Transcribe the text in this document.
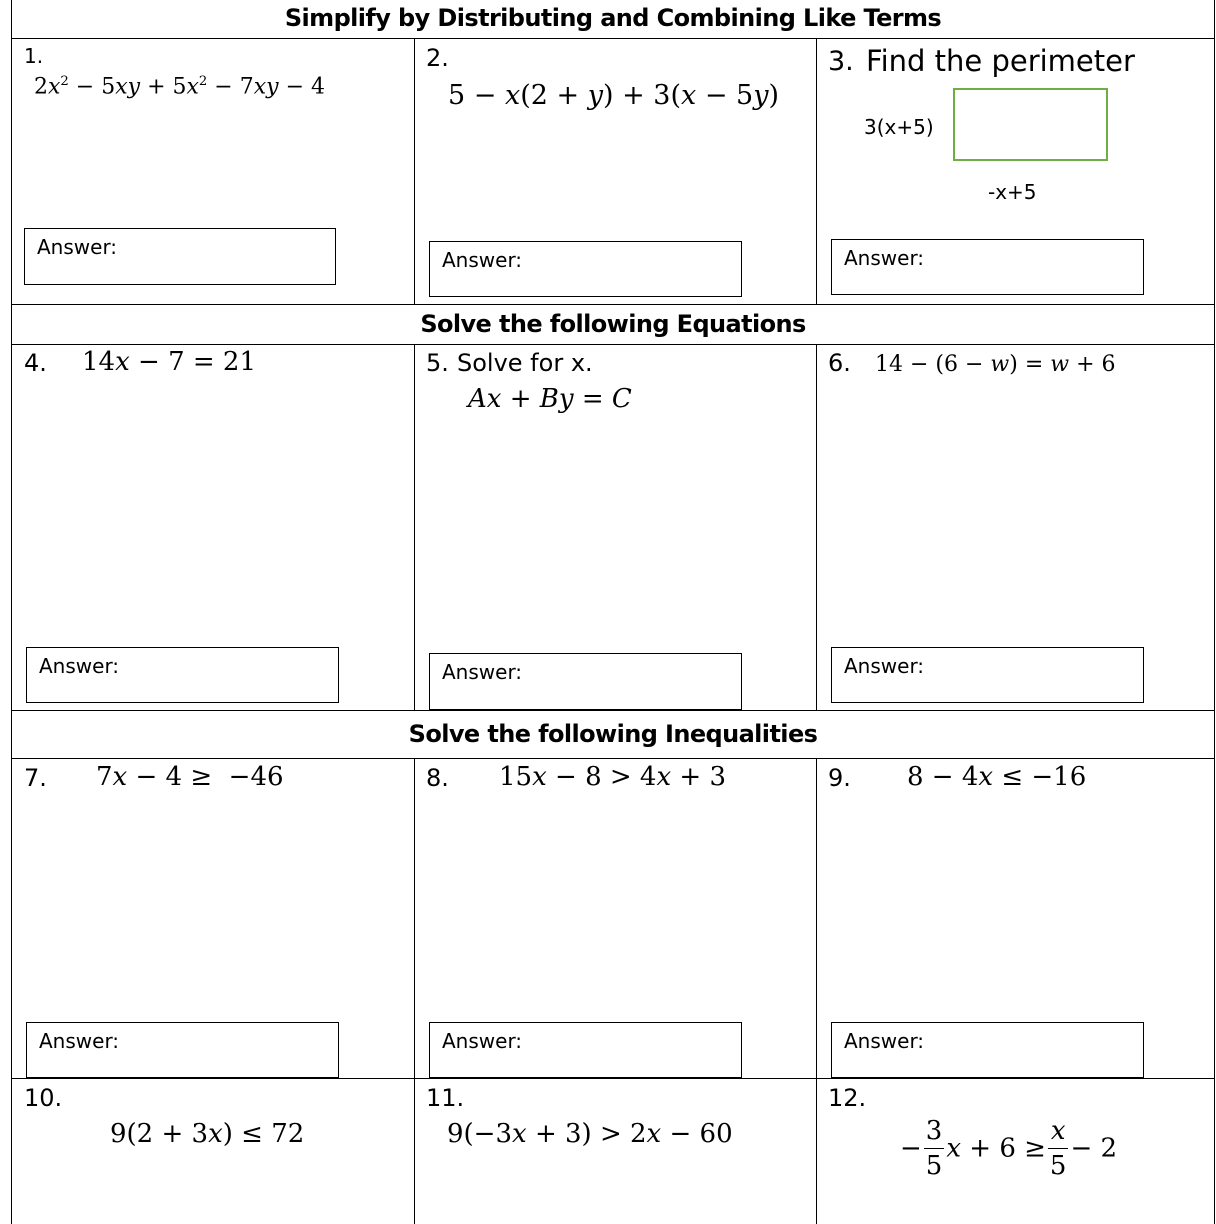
Simplify by Distributing and Combining Like Terms
Solve the following Equations
Solve the following Inequalities
1.
$2x^2 - 5xy + 5x^2 - 7xy - 4$
Answer:
2.
5 − x(2 + y) + 3(x − 5y)
Answer:
3. Find the perimeter
3(x+5)
-x+5
Answer:
4. 14x − 7 = 21
Answer:
5. Solve for x.
Ax + By = C
Answer:
6. 14 − (6 − w) = w + 6
Answer:
7. 7x − 4 ≥  −46
Answer:
8. 15x − 8 > 4x + 3
Answer:
9. 8 − 4x ≤ −16
Answer:
10.
9(2 + 3x) ≤ 72
11.
9(−3x + 3) > 2x − 60
12.
− $\frac{3}{5}$ $x + 6 \ge \frac{x}{5} - 2$
